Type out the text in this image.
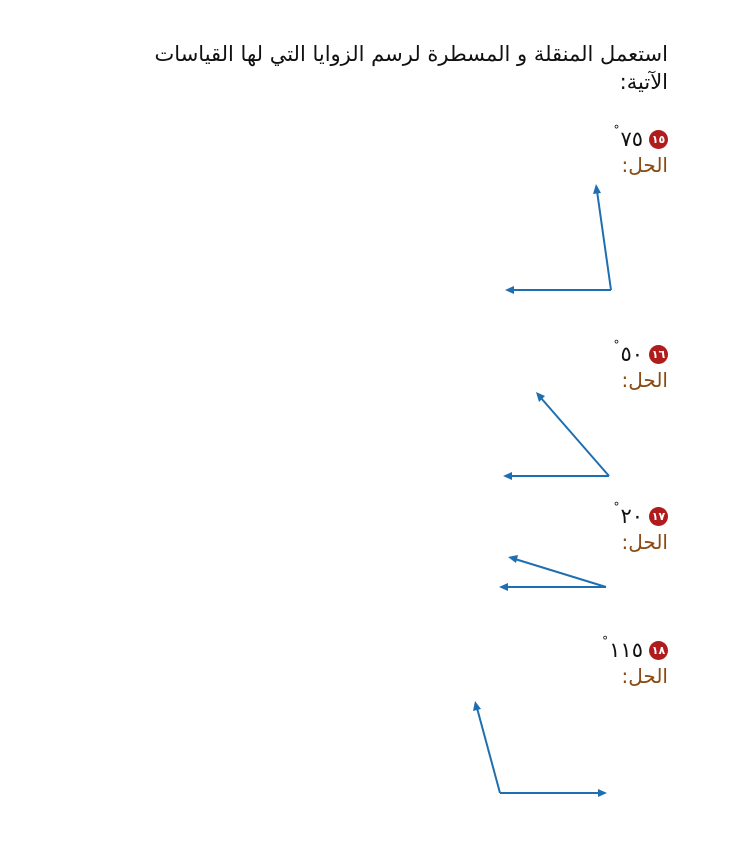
استعمل المنقلة و المسطرة لرسم الزوايا التي لها القياسات الآتية:

١٥
٧٥
°
الحل:
١٦
٥٠
°
الحل:
١٧
٢٠
°
الحل:
١٨
١١٥
°
الحل:
